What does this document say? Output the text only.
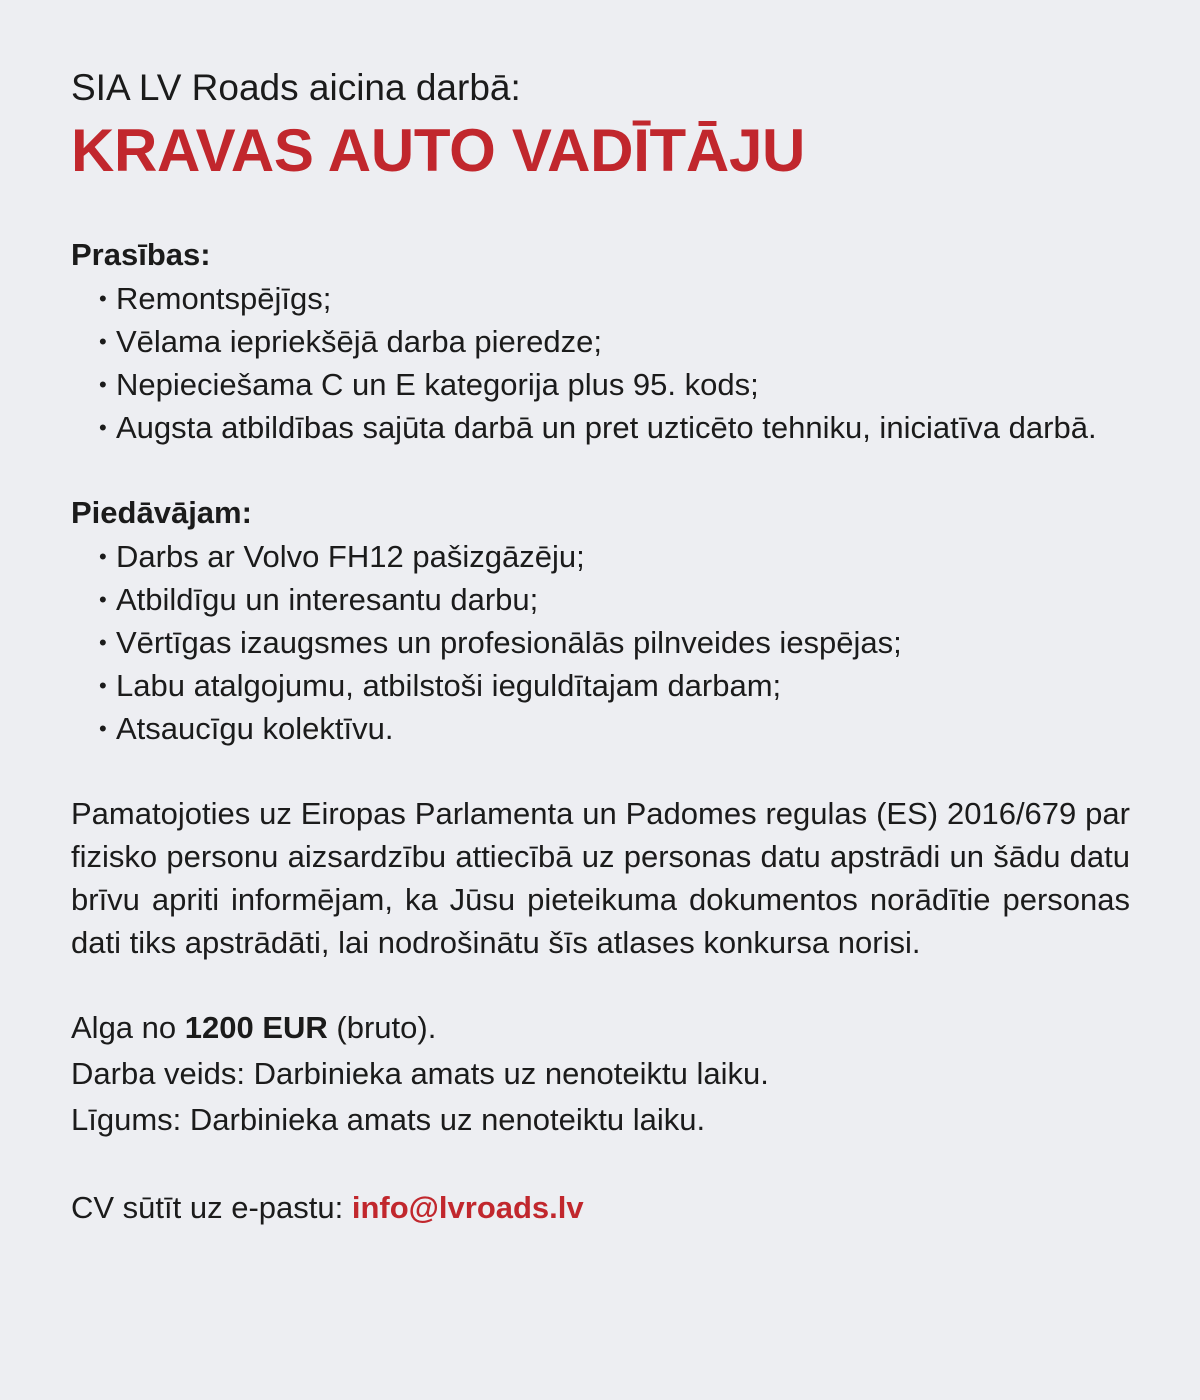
SIA LV Roads aicina darbā:

KRAVAS AUTO VADĪTĀJU
Prasības:
• Remontspējīgs;
• Vēlama iepriekšējā darba pieredze;
• Nepieciešama C un E kategorija plus 95. kods;
• Augsta atbildības sajūta darbā un pret uzticēto tehniku, iniciatīva darbā.
Piedāvājam:
• Darbs ar Volvo FH12 pašizgāzēju;
• Atbildīgu un interesantu darbu;
• Vērtīgas izaugsmes un profesionālās pilnveides iespējas;
• Labu atalgojumu, atbilstoši ieguldītajam darbam;
• Atsaucīgu kolektīvu.

Pamatojoties uz Eiropas Parlamenta un Padomes regulas (ES) 2016/679 par fizisko personu aizsardzību attiecībā uz personas datu apstrādi un šādu datu brīvu apriti informējam, ka Jūsu pieteikuma dokumentos norādītie personas dati tiks apstrādāti, lai nodrošinātu šīs atlases konkursa norisi.

Alga no 1200 EUR (bruto).
Darba veids: Darbinieka amats uz nenoteiktu laiku.
Līgums: Darbinieka amats uz nenoteiktu laiku.
CV sūtīt uz e-pastu: info@lvroads.lv
